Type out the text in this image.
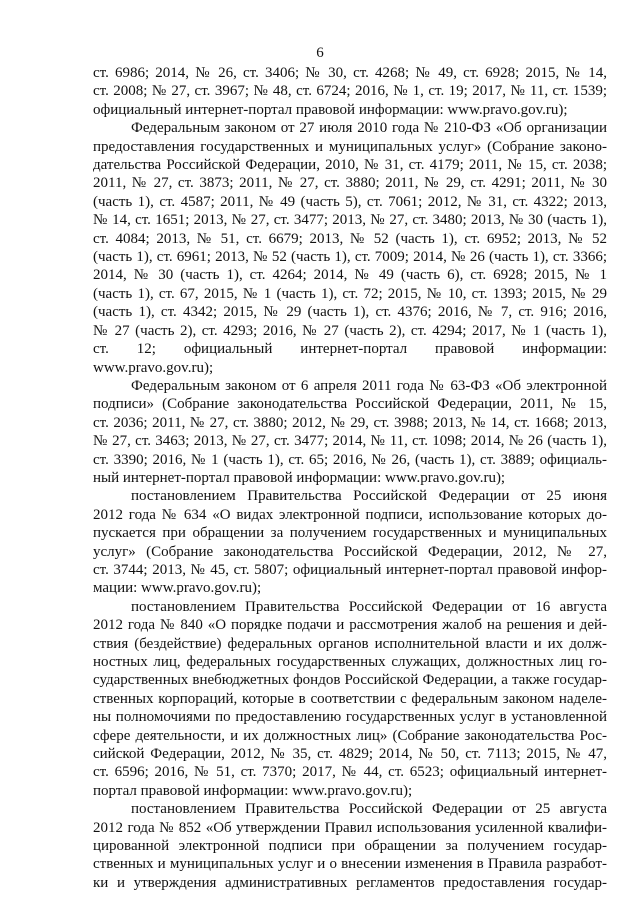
6
ст. 6986; 2014, № 26, ст. 3406; № 30, ст. 4268; № 49, ст. 6928; 2015, № 14,
ст. 2008; № 27, ст. 3967; № 48, ст. 6724; 2016, № 1, ст. 19; 2017, № 11, ст. 1539;
официальный интернет-портал правовой информации: www.pravo.gov.ru);
Федеральным законом от 27 июля 2010 года № 210-ФЗ «Об организации
предоставления государственных и муниципальных услуг» (Собрание законо-
дательства Российской Федерации, 2010, № 31, ст. 4179; 2011, № 15, ст. 2038;
2011, № 27, ст. 3873; 2011, № 27, ст. 3880; 2011, № 29, ст. 4291; 2011, № 30
(часть 1), ст. 4587; 2011, № 49 (часть 5), ст. 7061; 2012, № 31, ст. 4322; 2013,
№ 14, ст. 1651; 2013, № 27, ст. 3477; 2013, № 27, ст. 3480; 2013, № 30 (часть 1),
ст. 4084; 2013, № 51, ст. 6679; 2013, № 52 (часть 1), ст. 6952; 2013, № 52
(часть 1), ст. 6961; 2013, № 52 (часть 1), ст. 7009; 2014, № 26 (часть 1), ст. 3366;
2014, № 30 (часть 1), ст. 4264; 2014, № 49 (часть 6), ст. 6928; 2015, № 1
(часть 1), ст. 67, 2015, № 1 (часть 1), ст. 72; 2015, № 10, ст. 1393; 2015, № 29
(часть 1), ст. 4342; 2015, № 29 (часть 1), ст. 4376; 2016, № 7, ст. 916; 2016,
№ 27 (часть 2), ст. 4293; 2016, № 27 (часть 2), ст. 4294; 2017, № 1 (часть 1),
ст. 12; официальный интернет-портал правовой информации:
www.pravo.gov.ru);
Федеральным законом от 6 апреля 2011 года № 63-ФЗ «Об электронной
подписи» (Собрание законодательства Российской Федерации, 2011, № 15,
ст. 2036; 2011, № 27, ст. 3880; 2012, № 29, ст. 3988; 2013, № 14, ст. 1668; 2013,
№ 27, ст. 3463; 2013, № 27, ст. 3477; 2014, № 11, ст. 1098; 2014, № 26 (часть 1),
ст. 3390; 2016, № 1 (часть 1), ст. 65; 2016, № 26, (часть 1), ст. 3889; официаль-
ный интернет-портал правовой информации: www.pravo.gov.ru);
постановлением Правительства Российской Федерации от 25 июня
2012 года № 634 «О видах электронной подписи, использование которых до-
пускается при обращении за получением государственных и муниципальных
услуг» (Собрание законодательства Российской Федерации, 2012, № 27,
ст. 3744; 2013, № 45, ст. 5807; официальный интернет-портал правовой инфор-
мации: www.pravo.gov.ru);
постановлением Правительства Российской Федерации от 16 августа
2012 года № 840 «О порядке подачи и рассмотрения жалоб на решения и дей-
ствия (бездействие) федеральных органов исполнительной власти и их долж-
ностных лиц, федеральных государственных служащих, должностных лиц го-
сударственных внебюджетных фондов Российской Федерации, а также государ-
ственных корпораций, которые в соответствии с федеральным законом наделе-
ны полномочиями по предоставлению государственных услуг в установленной
сфере деятельности, и их должностных лиц» (Собрание законодательства Рос-
сийской Федерации, 2012, № 35, ст. 4829; 2014, № 50, ст. 7113; 2015, № 47,
ст. 6596; 2016, № 51, ст. 7370; 2017, № 44, ст. 6523; официальный интернет-
портал правовой информации: www.pravo.gov.ru);
постановлением Правительства Российской Федерации от 25 августа
2012 года № 852 «Об утверждении Правил использования усиленной квалифи-
цированной электронной подписи при обращении за получением государ-
ственных и муниципальных услуг и о внесении изменения в Правила разработ-
ки и утверждения административных регламентов предоставления государ-
